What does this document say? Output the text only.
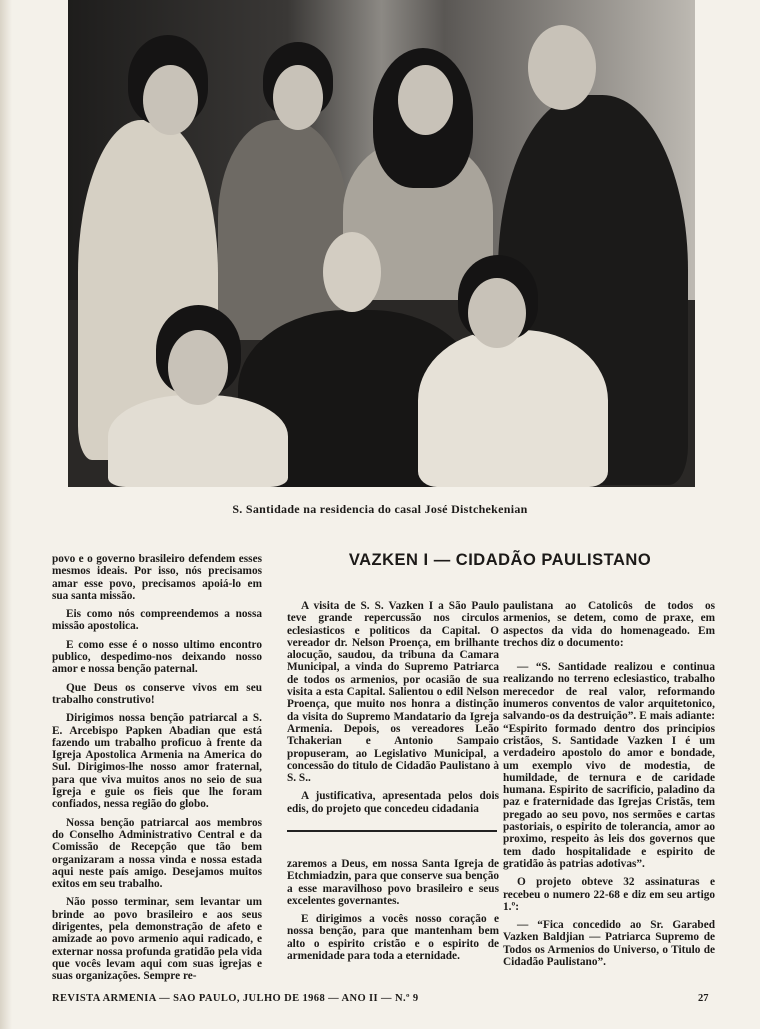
S. Santidade na residencia do casal José Distchekenian
VAZKEN I — CIDADÃO PAULISTANO

povo e o governo brasileiro defendem esses mesmos ideais. Por isso, nós precisamos amar esse povo, precisamos apoiá-lo em sua santa missão.

Eis como nós compreendemos a nossa missão apostolica.

E como esse é o nosso ultimo encontro publico, despedimo-nos deixando nosso amor e nossa benção paternal.

Que Deus os conserve vivos em seu trabalho construtivo!

Dirigimos nossa benção patriarcal a S. E. Arcebispo Papken Abadian que está fazendo um trabalho proficuo à frente da Igreja Apostolica Armenia na America do Sul. Dirigimos-lhe nosso amor fraternal, para que viva muitos anos no seio de sua Igreja e guie os fieis que lhe foram confiados, nessa região do globo.

Nossa benção patriarcal aos membros do Conselho Administrativo Central e da Comissão de Recepção que tão bem organizaram a nossa vinda e nossa estada aqui neste país amigo. Desejamos muitos exitos em seu trabalho.

Não posso terminar, sem levantar um brinde ao povo brasileiro e aos seus dirigentes, pela demonstração de afeto e amizade ao povo armenio aqui radicado, e externar nossa profunda gratidão pela vida que vocês levam aqui com suas igrejas e suas organizações. Sempre re-

A visita de S. S. Vazken I a São Paulo teve grande repercussão nos circulos eclesiasticos e politicos da Capital. O vereador dr. Nelson Proença, em brilhante alocução, saudou, da tribuna da Camara Municipal, a vinda do Supremo Patriarca de todos os armenios, por ocasião de sua visita a esta Capital. Salientou o edil Nelson Proença, que muito nos honra a distinção da visita do Supremo Mandatario da Igreja Armenia. Depois, os vereadores Leão Tchakerian e Antonio Sampaio propuseram, ao Legislativo Municipal, a concessão do titulo de Cidadão Paulistano à S. S..

A justificativa, apresentada pelos dois edis, do projeto que concedeu cidadania

zaremos a Deus, em nossa Santa Igreja de Etchmiadzin, para que conserve sua benção a esse maravilhoso povo brasileiro e seus excelentes governantes.

E dirigimos a vocês nosso coração e nossa benção, para que mantenham bem alto o espirito cristão e o espirito de armenidade para toda a eternidade.

paulistana ao Catolicôs de todos os armenios, se detem, como de praxe, em aspectos da vida do homenageado. Em trechos diz o documento:

— “S. Santidade realizou e continua realizando no terreno eclesiastico, trabalho merecedor de real valor, reformando inumeros conventos de valor arquitetonico, salvando-os da destruição”. E mais adiante: “Espirito formado dentro dos principios cristãos, S. Santidade Vazken I é um verdadeiro apostolo do amor e bondade, um exemplo vivo de modestia, de humildade, de ternura e de caridade humana. Espirito de sacrificio, paladino da paz e fraternidade das Igrejas Cristãs, tem pregado ao seu povo, nos sermões e cartas pastoriais, o espirito de tolerancia, amor ao proximo, respeito às leis dos governos que tem dado hospitalidade e espirito de gratidão às patrias adotivas”.

O projeto obteve 32 assinaturas e recebeu o numero 22-68 e diz em seu artigo 1.º:

— “Fica concedido ao Sr. Garabed Vazken Baldjian — Patriarca Supremo de Todos os Armenios do Universo, o Titulo de Cidadão Paulistano”.

REVISTA ARMENIA — SAO PAULO, JULHO DE 1968 — ANO II — N.º 9	27
